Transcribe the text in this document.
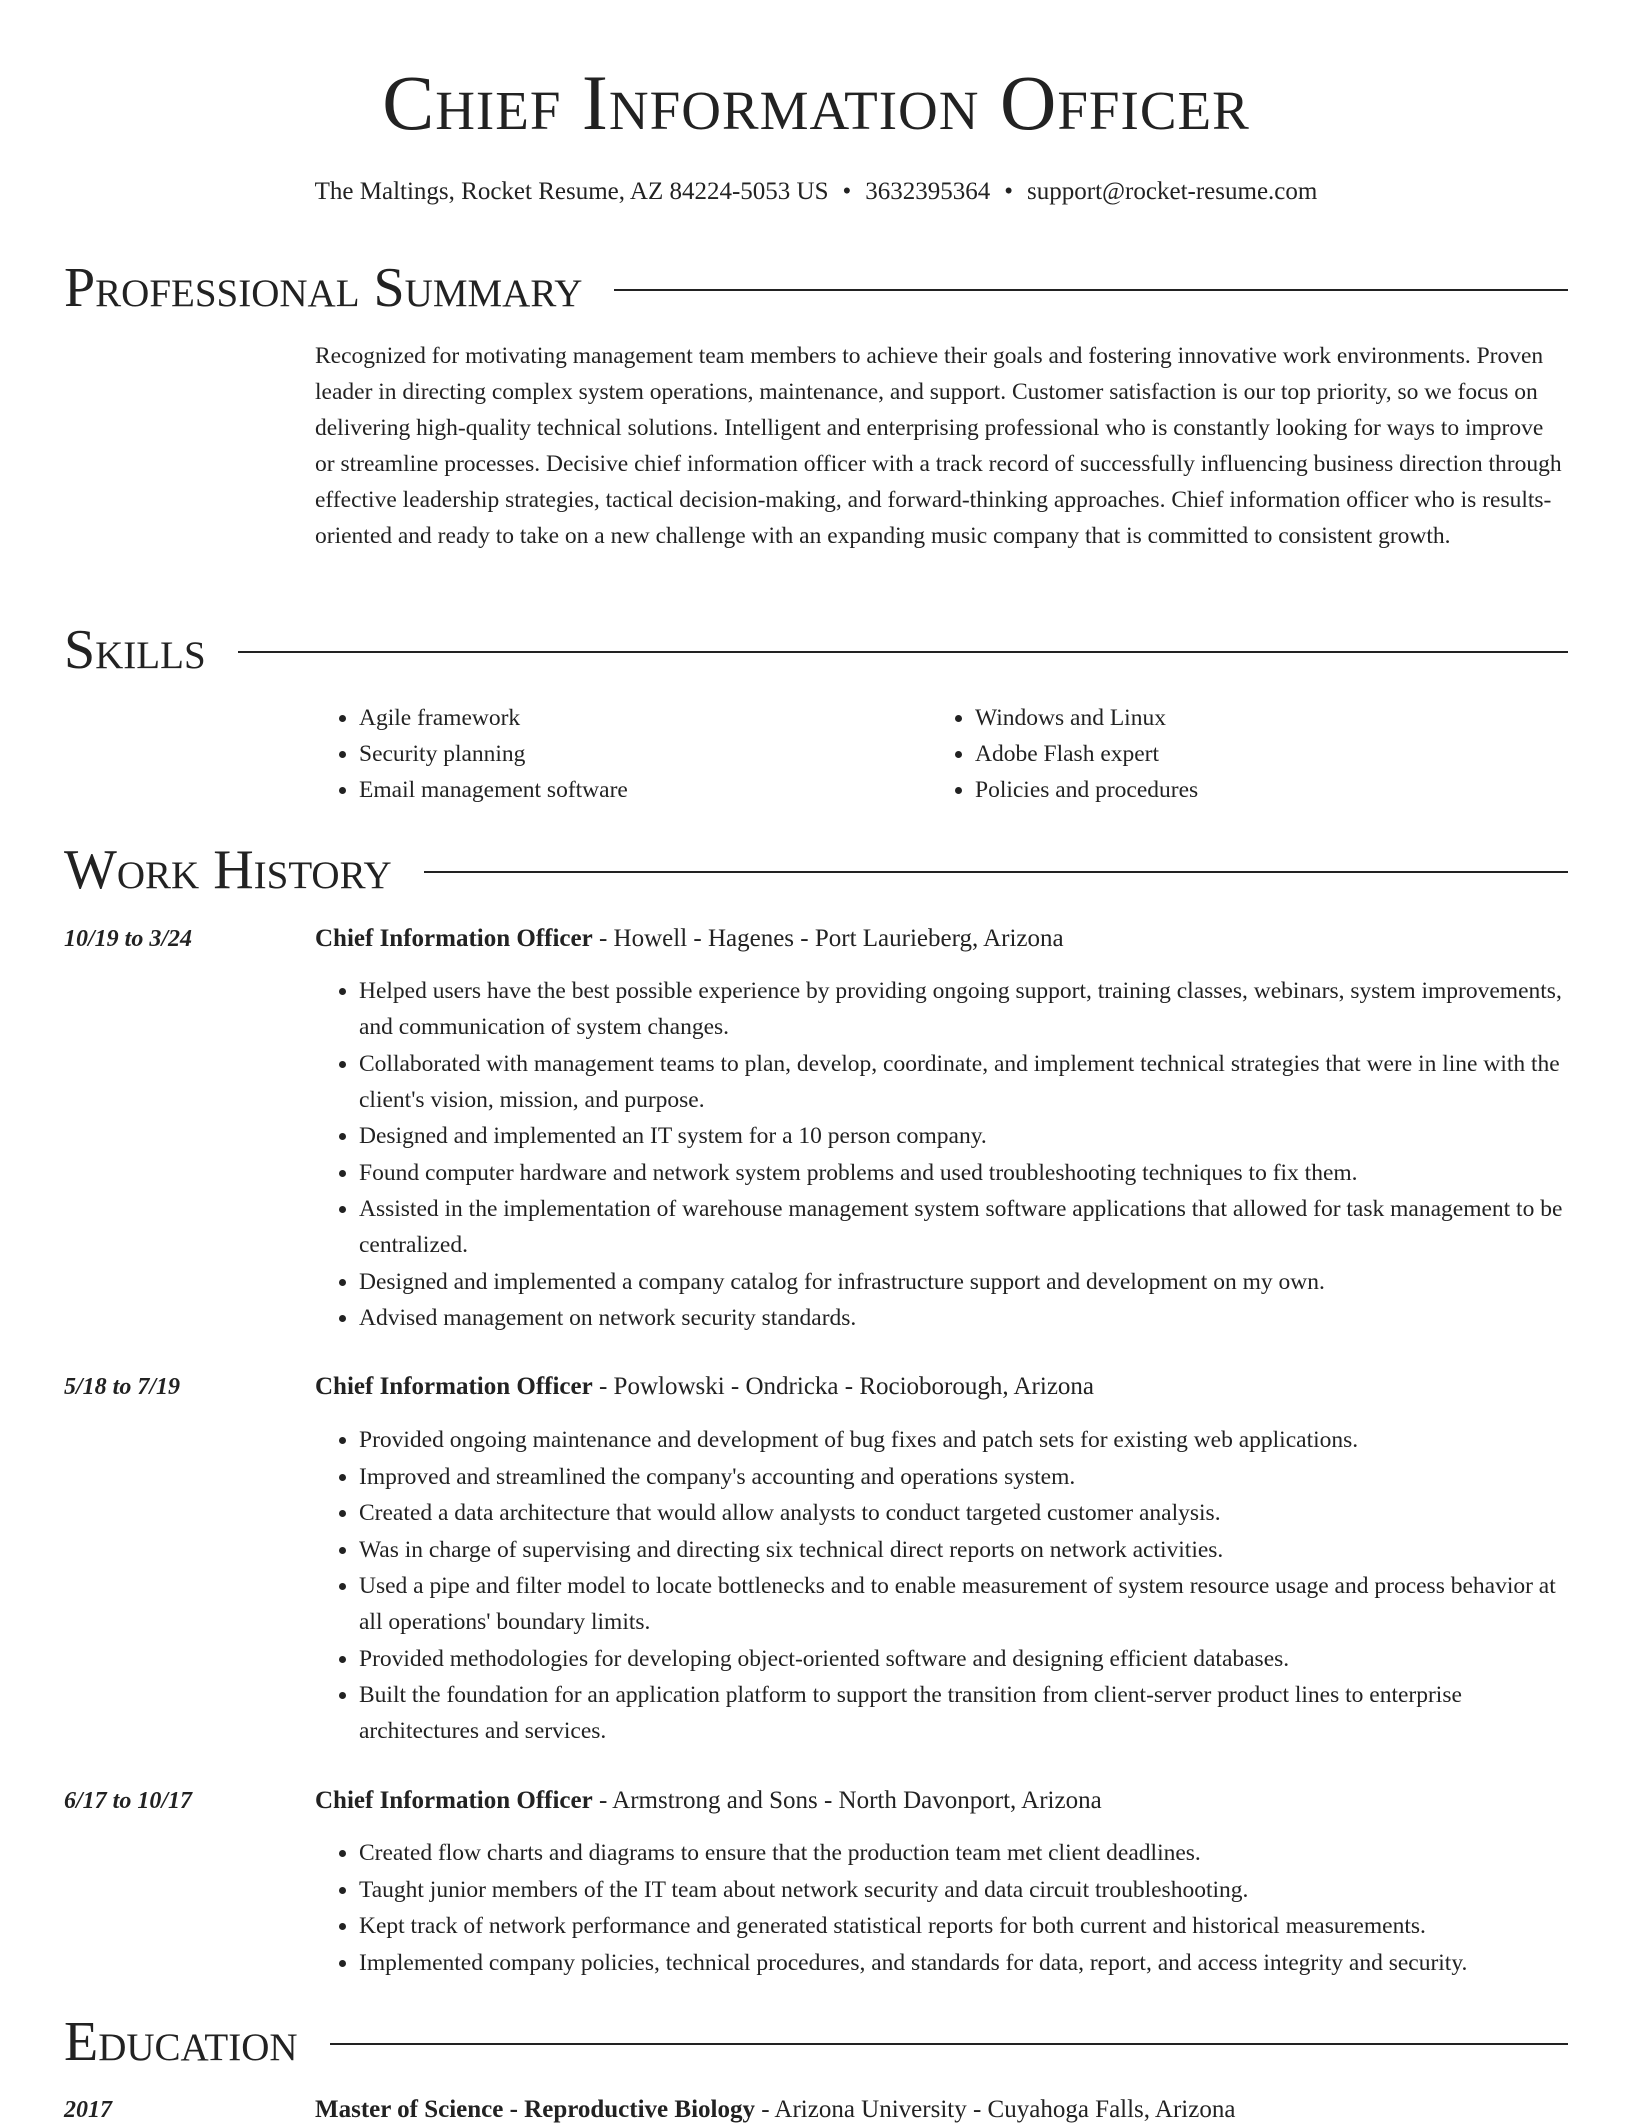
Chief Information Officer
The Maltings, Rocket Resume, AZ 84224-5053 US • 3632395364 • support@rocket-resume.com
Professional Summary

Recognized for motivating management team members to achieve their goals and fostering innovative work environments. Proven leader in directing complex system operations, maintenance, and support. Customer satisfaction is our top priority, so we focus on delivering high-quality technical solutions. Intelligent and enterprising professional who is constantly looking for ways to improve or streamline processes. Decisive chief information officer with a track record of successfully influencing business direction through effective leadership strategies, tactical decision-making, and forward-thinking approaches. Chief information officer who is results-oriented and ready to take on a new challenge with an expanding music company that is committed to consistent growth.

Skills
• Agile framework
• Security planning
• Email management software
• Windows and Linux
• Adobe Flash expert
• Policies and procedures
Work History
10/19 to 3/24	Chief Information Officer - Howell - Hagenes - Port Laurieberg, Arizona
• Helped users have the best possible experience by providing ongoing support, training classes, webinars, system improvements, and communication of system changes.
• Collaborated with management teams to plan, develop, coordinate, and implement technical strategies that were in line with the client's vision, mission, and purpose.
• Designed and implemented an IT system for a 10 person company.
• Found computer hardware and network system problems and used troubleshooting techniques to fix them.
• Assisted in the implementation of warehouse management system software applications that allowed for task management to be centralized.
• Designed and implemented a company catalog for infrastructure support and development on my own.
• Advised management on network security standards.
5/18 to 7/19	Chief Information Officer - Powlowski - Ondricka - Rocioborough, Arizona
• Provided ongoing maintenance and development of bug fixes and patch sets for existing web applications.
• Improved and streamlined the company's accounting and operations system.
• Created a data architecture that would allow analysts to conduct targeted customer analysis.
• Was in charge of supervising and directing six technical direct reports on network activities.
• Used a pipe and filter model to locate bottlenecks and to enable measurement of system resource usage and process behavior at all operations' boundary limits.
• Provided methodologies for developing object-oriented software and designing efficient databases.
• Built the foundation for an application platform to support the transition from client-server product lines to enterprise architectures and services.
6/17 to 10/17	Chief Information Officer - Armstrong and Sons - North Davonport, Arizona
• Created flow charts and diagrams to ensure that the production team met client deadlines.
• Taught junior members of the IT team about network security and data circuit troubleshooting.
• Kept track of network performance and generated statistical reports for both current and historical measurements.
• Implemented company policies, technical procedures, and standards for data, report, and access integrity and security.
Education
2017	Master of Science - Reproductive Biology - Arizona University - Cuyahoga Falls, Arizona
